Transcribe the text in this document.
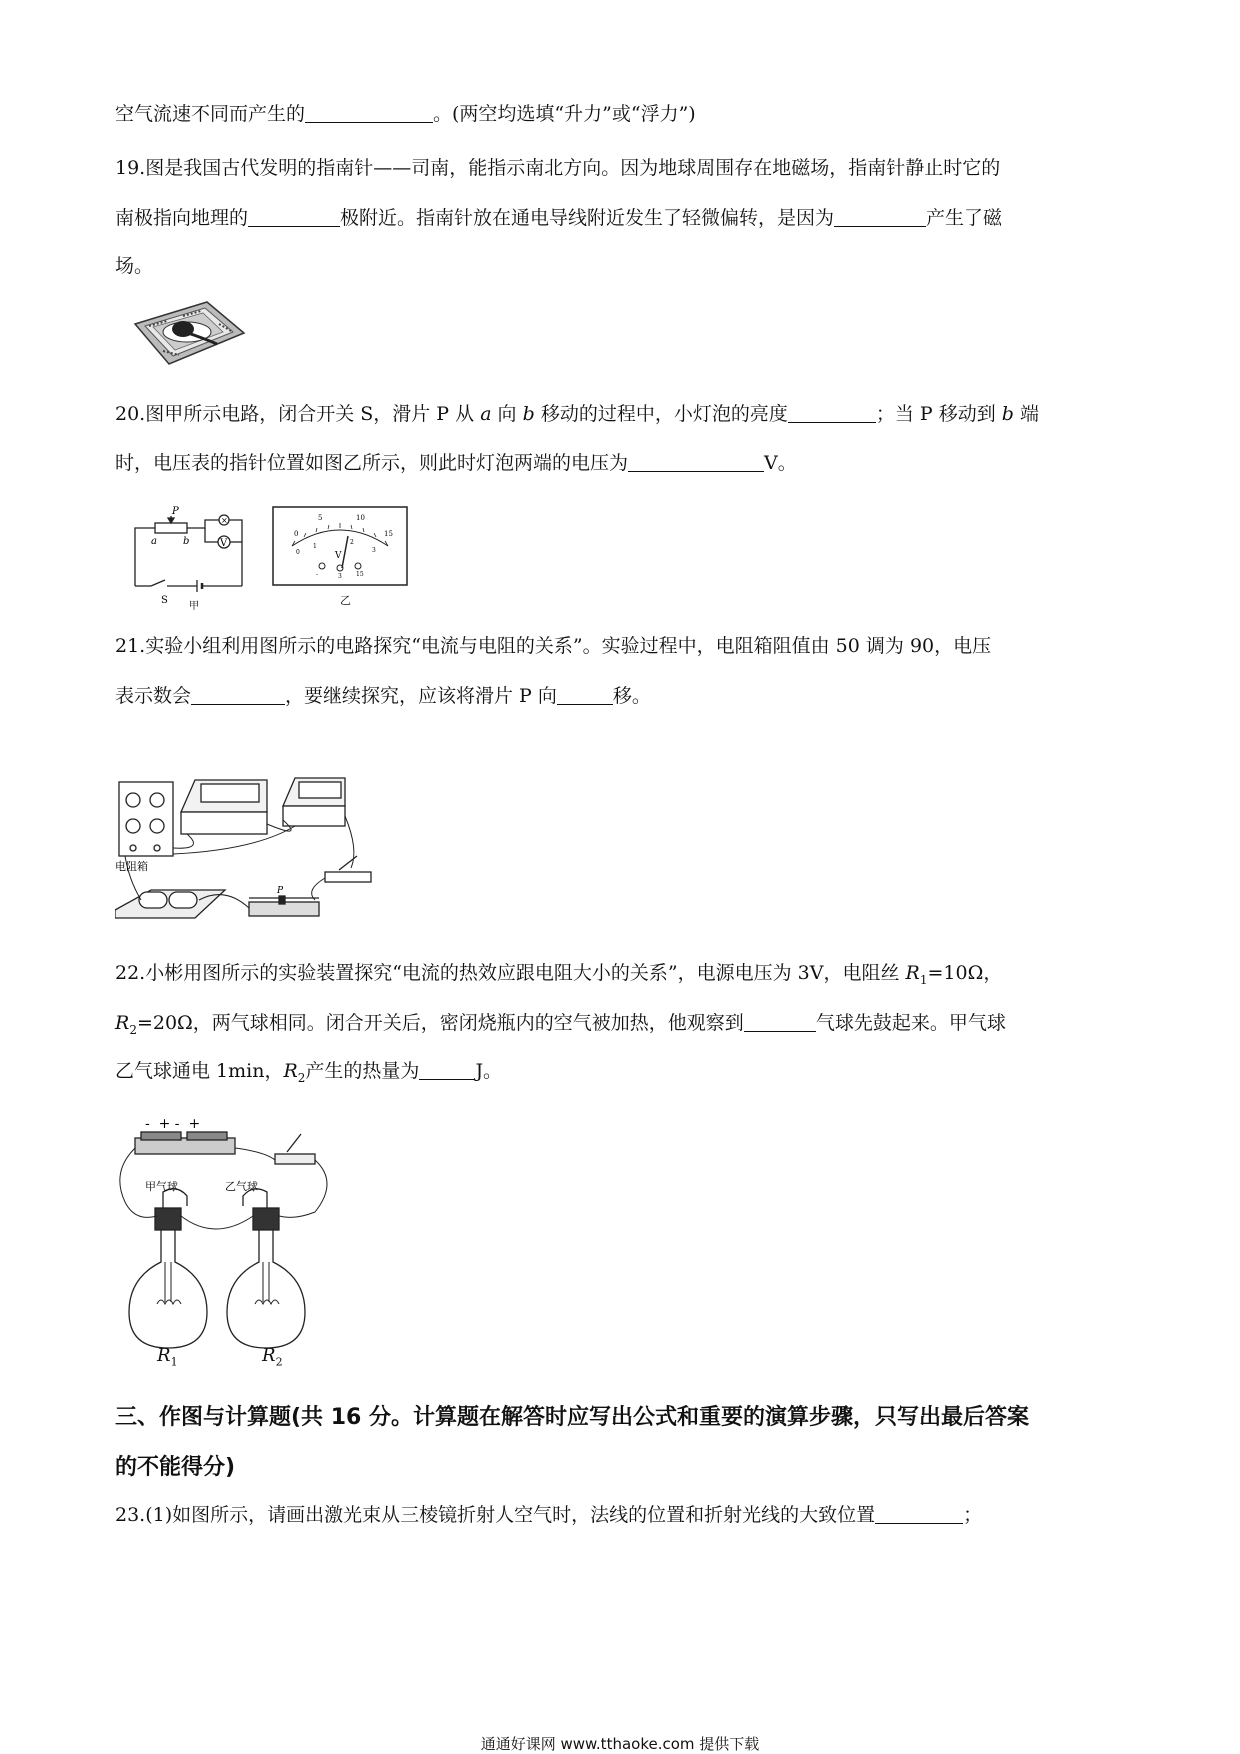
空气流速不同而产生的	。(两空均选填“升力”或“浮力”)
19.图是我国古代发明的指南针——司南，能指示南北方向。因为地球周围存在地磁场，指南针静止时它的
南极指向地理的	极附近。指南针放在通电导线附近发生了轻微偏转，是因为	产生了磁
场。
20.图甲所示电路，闭合开关 S，滑片 P 从 a 向 b 移动的过程中，小灯泡的亮度	；当 P 移动到 b 端
时，电压表的指针位置如图乙所示，则此时灯泡两端的电压为	V。
P
a	b
×
V
S
甲
0
5	10
15
1
2
3
0	V
-	3 15
乙
21.实验小组利用图所示的电路探究“电流与电阻的关系”。实验过程中，电阻箱阻值由 50 调为 90，电压
表示数会	，要继续探究，应该将滑片 P 向	移。
电阻箱
P
22.小彬用图所示的实验装置探究“电流的热效应跟电阻大小的关系”，电源电压为 3V，电阻丝 $R_1=10\Omega$，
$R_2=20\Omega$，两气球相同。闭合开关后，密闭烧瓶内的空气被加热，他观察到	气球先鼓起来。甲气球
乙气球通电 1min，$R_2$产生的热量为	J。
-  + -  +
甲气球	乙气球
$R_1$	$R_2$
三、作图与计算题(共 16 分。计算题在解答时应写出公式和重要的演算步骤，只写出最后答案
的不能得分)
23.(1)如图所示，请画出激光束从三棱镜折射人空气时，法线的位置和折射光线的大致位置	；
通通好课网 www.tthaoke.com 提供下载
